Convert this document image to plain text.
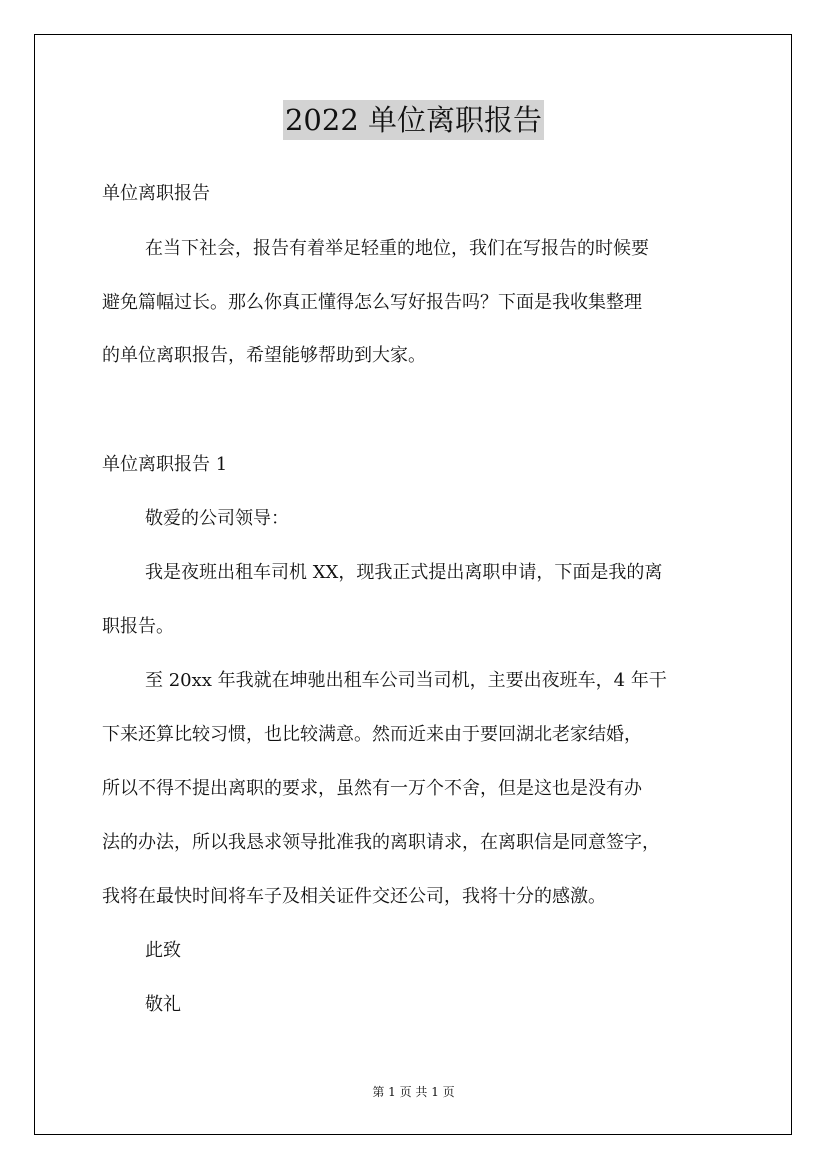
2022 单位离职报告
单位离职报告
在当下社会，报告有着举足轻重的地位，我们在写报告的时候要
避免篇幅过长。那么你真正懂得怎么写好报告吗？下面是我收集整理
的单位离职报告，希望能够帮助到大家。
单位离职报告 1
敬爱的公司领导：
我是夜班出租车司机 XX，现我正式提出离职申请，下面是我的离
职报告。
至 20xx 年我就在坤驰出租车公司当司机，主要出夜班车，4 年干
下来还算比较习惯，也比较满意。然而近来由于要回湖北老家结婚，
所以不得不提出离职的要求，虽然有一万个不舍，但是这也是没有办
法的办法，所以我恳求领导批准我的离职请求，在离职信是同意签字，
我将在最快时间将车子及相关证件交还公司，我将十分的感激。
此致
敬礼
第 1 页 共 1 页
